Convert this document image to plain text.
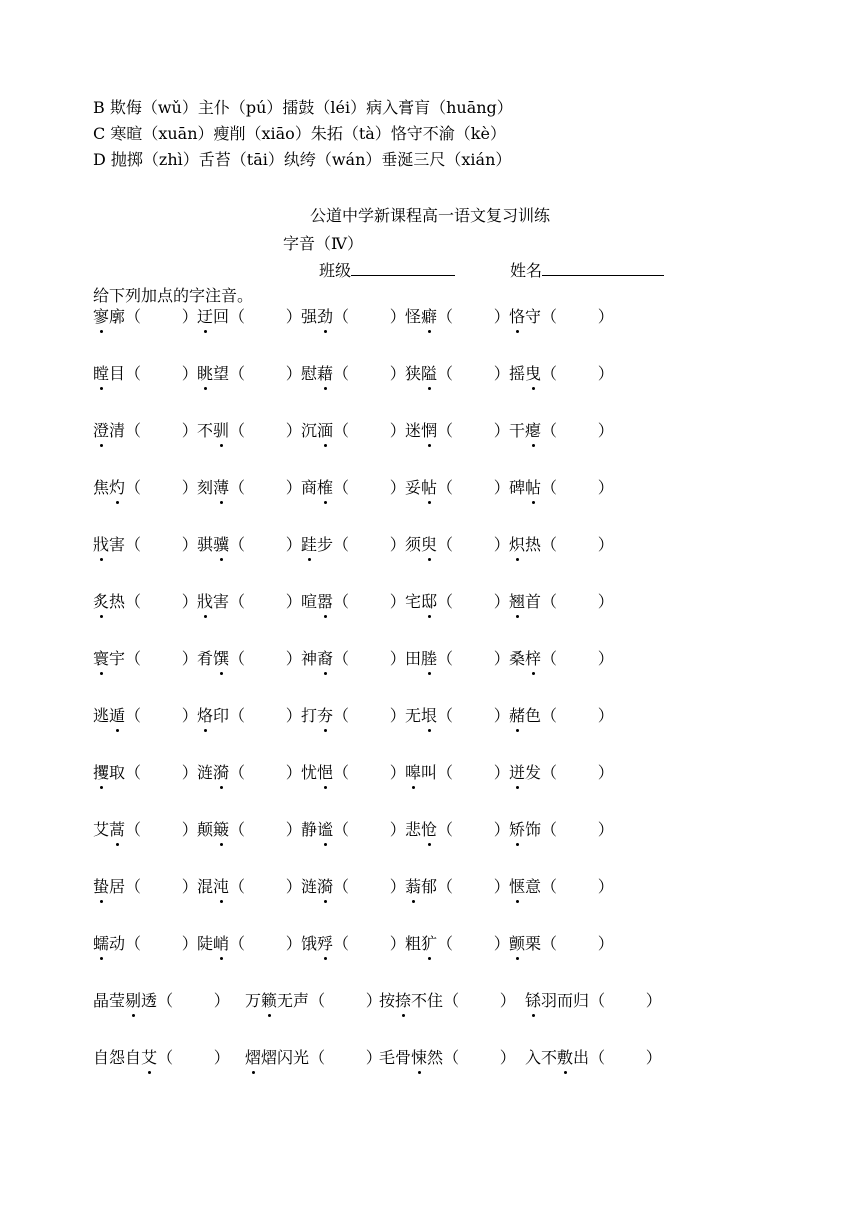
B 欺侮（wǔ）主仆（pú）擂鼓（léi）病入膏肓（huāng）
C 寒暄（xuān）瘦削（xiāo）朱拓（tà）恪守不渝（kè）
D 抛掷（zhì）舌苔（tāi）纨绔（wán）垂涎三尺（xián）
公道中学新课程高一语文复习训练
字音（Ⅳ）
班级	姓名
给下列加点的字注音。
寥廓（        ） 迂回（        ） 强劲（        ） 怪癖（        ） 恪守（        ）
瞠目（        ） 眺望（        ） 慰藉（        ） 狭隘（        ） 摇曳（        ）
澄清（        ） 不驯（        ） 沉湎（        ） 迷惘（        ） 干瘪（        ）
焦灼（        ） 刻薄（        ） 商榷（        ） 妥帖（        ） 碑帖（        ）
戕害（        ） 骐骥（        ） 跬步（        ） 须臾（        ） 炽热（        ）
炙热（        ） 戕害（        ） 喧嚣（        ） 宅邸（        ） 翘首（        ）
寰宇（        ） 肴馔（        ） 神裔（        ） 田塍（        ） 桑梓（        ）
逃遁（        ） 烙印（        ） 打夯（        ） 无垠（        ） 赭色（        ）
攫取（        ） 涟漪（        ） 忧悒（        ） 嗥叫（        ） 迸发（        ）
艾蒿（        ） 颠簸（        ） 静谧（        ） 悲怆（        ） 矫饰（        ）
蛰居（        ） 混沌（        ） 涟漪（        ） 蓊郁（        ） 惬意（        ）
蠕动（        ） 陡峭（        ） 饿殍（        ） 粗犷（        ） 颤栗（        ）
晶莹剔透（        ） 万籁无声（        ）
按捺不住（        ） 铩羽而归（        ）
自怨自艾（        ） 熠熠闪光（        ）
毛骨悚然（        ） 入不敷出（        ）
